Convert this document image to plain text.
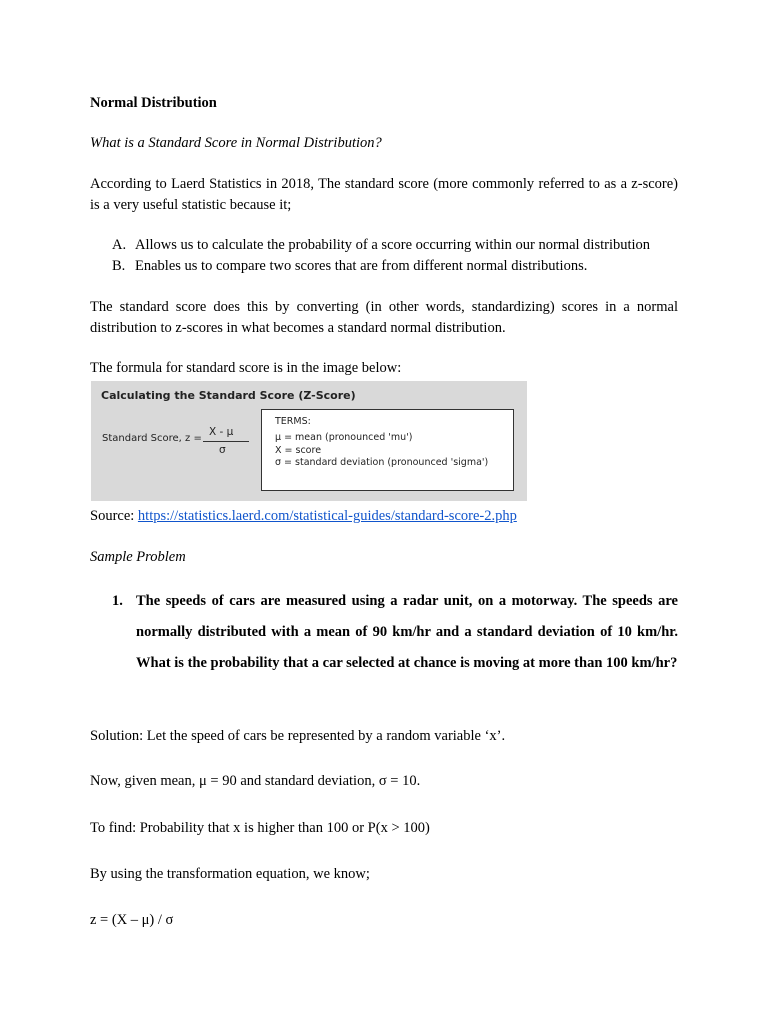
Normal Distribution

What is a Standard Score in Normal Distribution?

According to Laerd Statistics in 2018, The standard score (more commonly referred to as a z-score) is a very useful statistic because it;

A. Allows us to calculate the probability of a score occurring within our normal distribution
B. Enables us to compare two scores that are from different normal distributions.

The standard score does this by converting (in other words, standardizing) scores in a normal distribution to z-scores in what becomes a standard normal distribution.

The formula for standard score is in the image below:

Calculating the Standard Score (Z-Score)
Standard Score, z =
X - μ
σ
TERMS:
μ = mean (pronounced 'mu')
X = score
σ = standard deviation (pronounced 'sigma')

Source: https://statistics.laerd.com/statistical-guides/standard-score-2.php

Sample Problem

1. The speeds of cars are measured using a radar unit, on a motorway. The speeds are normally distributed with a mean of 90 km/hr and a standard deviation of 10 km/hr. What is the probability that a car selected at chance is moving at more than 100 km/hr?

Solution: Let the speed of cars be represented by a random variable ‘x’.

Now, given mean, μ = 90 and standard deviation, σ = 10.

To find: Probability that x is higher than 100 or P(x > 100)

By using the transformation equation, we know;

z = (X – μ) / σ
